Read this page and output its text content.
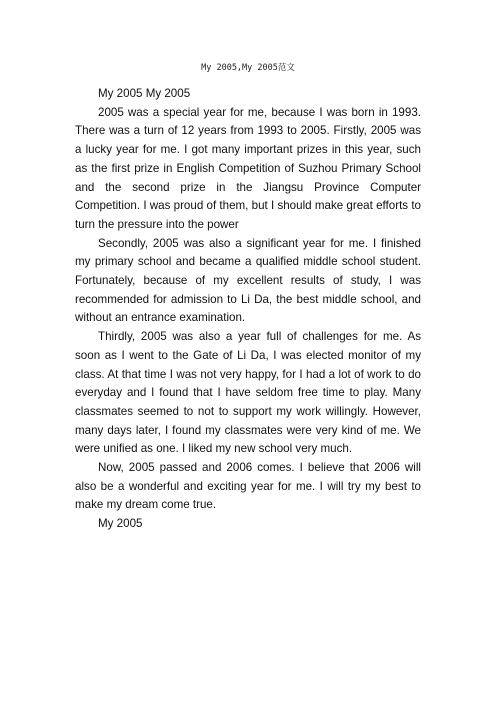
My 2005,My 2005范文

My 2005 My 2005

2005 was a special year for me, because I was born in 1993. There was a turn of 12 years from 1993 to 2005. Firstly, 2005 was a lucky year for me. I got many important prizes in this year, such as the first prize in English Competition of Suzhou Primary School and the second prize in the Jiangsu Province Computer Competition. I was proud of them, but I should make great efforts to turn the pressure into the power

Secondly, 2005 was also a significant year for me. I finished my primary school and became a qualified middle school student. Fortunately, because of my excellent results of study, I was recommended for admission to Li Da, the best middle school, and without an entrance examination.

Thirdly, 2005 was also a year full of challenges for me. As soon as I went to the Gate of Li Da, I was elected monitor of my class. At that time I was not very happy, for I had a lot of work to do everyday and I found that I have seldom free time to play. Many classmates seemed to not to support my work willingly. However, many days later, I found my classmates were very kind of me. We were unified as one. I liked my new school very much.

Now, 2005 passed and 2006 comes. I believe that 2006 will also be a wonderful and exciting year for me. I will try my best to make my dream come true.

My 2005
